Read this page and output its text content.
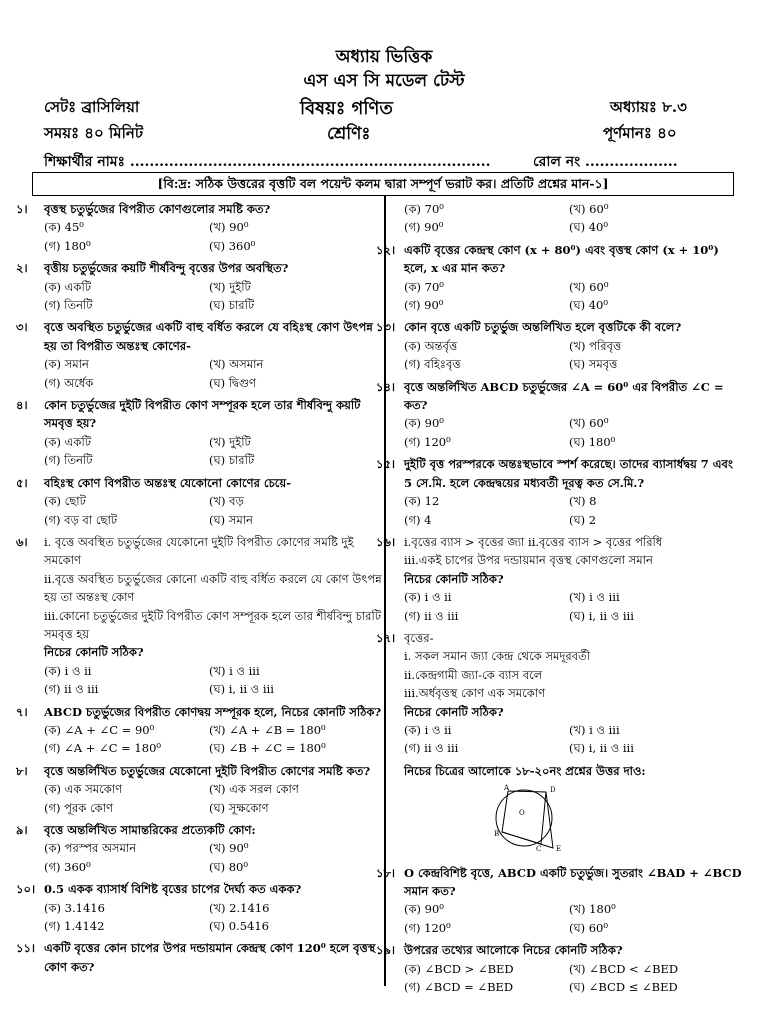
অধ্যায় ভিত্তিক
এস এস সি মডেল টেস্ট
সেটঃ ব্রাসিলিয়া	বিষয়ঃ গণিত	অধ্যায়ঃ ৮.৩
সময়ঃ ৪০ মিনিট	শ্রেণিঃ	পূর্ণমানঃ ৪০
শিক্ষার্থীর নামঃ ..........................................................................	রোল নং ...................
[বি:দ্র: সঠিক উত্তরের বৃত্তটি বল পয়েন্ট কলম দ্বারা সম্পূর্ণ ভরাট কর। প্রতিটি প্রশ্নের মান-১]
১। বৃত্তস্থ চতুর্ভুজের বিপরীত কোণগুলোর সমষ্টি কত?
(ক) 45⁰	(খ) 90⁰
(গ) 180⁰	(ঘ) 360⁰
২। বৃত্তীয় চতুর্ভুজের কয়টি শীর্ষবিন্দু বৃত্তের উপর অবস্থিত?
(ক) একটি	(খ) দুইটি
(গ) তিনটি	(ঘ) চারটি
৩। বৃত্তে অবস্থিত চতুর্ভুজের একটি বাহু বর্ধিত করলে যে বহিঃস্থ কোণ উৎপন্ন হয় তা বিপরীত অন্তঃস্থ কোণের-
(ক) সমান	(খ) অসমান
(গ) অর্ধেক	(ঘ) দ্বিগুণ
৪। কোন চতুর্ভুজের দুইটি বিপরীত কোণ সম্পূরক হলে তার শীর্ষবিন্দু কয়টি সমবৃত্ত হয়?
(ক) একটি	(খ) দুইটি
(গ) তিনটি	(ঘ) চারটি
৫। বহিঃস্থ কোণ বিপরীত অন্তঃস্থ যেকোনো কোণের চেয়ে-
(ক) ছোট	(খ) বড়
(গ) বড় বা ছোট	(ঘ) সমান
৬। i. বৃত্তে অবস্থিত চতুর্ভুজের যেকোনো দুইটি বিপরীত কোণের সমষ্টি দুই সমকোণ
ii.বৃত্তে অবস্থিত চতুর্ভুজের কোনো একটি বাহু বর্ধিত করলে যে কোণ উৎপন্ন হয় তা অন্তঃস্থ কোণ
iii.কোনো চতুর্ভুজের দুইটি বিপরীত কোণ সম্পূরক হলে তার শীর্ষবিন্দু চারটি সমবৃত্ত হয়
নিচের কোনটি সঠিক?
(ক) i ও ii	(খ) i ও iii
(গ) ii ও iii	(ঘ) i, ii ও iii
৭। ABCD চতুর্ভুজের বিপরীত কোণদ্বয় সম্পূরক হলে, নিচের কোনটি সঠিক?
(ক) ∠A + ∠C = 90⁰	(খ) ∠A + ∠B = 180⁰
(গ) ∠A + ∠C = 180⁰	(ঘ) ∠B + ∠C = 180⁰
৮। বৃত্তে অন্তর্লিখিত চতুর্ভুজের যেকোনো দুইটি বিপরীত কোণের সমষ্টি কত?
(ক) এক সমকোণ	(খ) এক সরল কোণ
(গ) পূরক কোণ	(ঘ) সূক্ষকোণ
৯। বৃত্তে অন্তর্লিখিত সামান্তরিকের প্রত্যেকটি কোণ:
(ক) পরস্পর অসমান	(খ) 90⁰
(গ) 360⁰	(ঘ) 80⁰
১০। 0.5 একক ব্যাসার্ধ বিশিষ্ট বৃত্তের চাপের দৈর্ঘ্য কত একক?
(ক) 3.1416	(খ) 2.1416
(গ) 1.4142	(ঘ) 0.5416
১১। একটি বৃত্তের কোন চাপের উপর দন্ডায়মান কেন্দ্রস্থ কোণ 120⁰ হলে বৃত্তস্থ কোণ কত?
(ক) 70⁰	(খ) 60⁰
(গ) 90⁰	(ঘ) 40⁰
১২। একটি বৃত্তের কেন্দ্রস্থ কোণ (x + 80⁰) এবং বৃত্তস্থ কোণ (x + 10⁰) হলে, x এর মান কত?
(ক) 70⁰	(খ) 60⁰
(গ) 90⁰	(ঘ) 40⁰
১৩। কোন বৃত্তে একটি চতুর্ভুজ অন্তর্লিখিত হলে বৃত্তটিকে কী বলে?
(ক) অন্তর্বৃত্ত	(খ) পরিবৃত্ত
(গ) বহিঃবৃত্ত	(ঘ) সমবৃত্ত
১৪। বৃত্তে অন্তর্লিখিত ABCD চতুর্ভুজের ∠A = 60⁰ এর বিপরীত ∠C = কত?
(ক) 90⁰	(খ) 60⁰
(গ) 120⁰	(ঘ) 180⁰
১৫। দুইটি বৃত্ত পরস্পরকে অন্তঃস্থভাবে স্পর্শ করেছে। তাদের ব্যাসার্ধদ্বয় 7 এবং 5 সে.মি. হলে কেন্দ্রদ্বয়ের মধ্যবর্তী দূরত্ব কত সে.মি.?
(ক) 12	(খ) 8
(গ) 4	(ঘ) 2
১৬। i.বৃত্তের ব্যাস > বৃত্তের জ্যা ii.বৃত্তের ব্যাস > বৃত্তের পরিধি
iii.একই চাপের উপর দন্ডায়মান বৃত্তস্থ কোণগুলো সমান
নিচের কোনটি সঠিক?
(ক) i ও ii	(খ) i ও iii
(গ) ii ও iii	(ঘ) i, ii ও iii
১৭। বৃত্তের-
i. সকল সমান জ্যা কেন্দ্র থেকে সমদূরবর্তী
ii.কেন্দ্রগামী জ্যা-কে ব্যাস বলে
iii.অর্ধবৃত্তস্থ কোণ এক সমকোণ
নিচের কোনটি সঠিক?
(ক) i ও ii	(খ) i ও iii
(গ) ii ও iii	(ঘ) i, ii ও iii
নিচের চিত্রের আলোকে ১৮-২০নং প্রশ্নের উত্তর দাও:
A	D
O
B
C E
১৮। O কেন্দ্রবিশিষ্ট বৃত্তে, ABCD একটি চতুর্ভুজ। সুতরাং ∠BAD + ∠BCD সমান কত?
(ক) 90⁰	(খ) 180⁰
(গ) 120⁰	(ঘ) 60⁰
১৯। উপরের তথ্যের আলোকে নিচের কোনটি সঠিক?
(ক) ∠BCD > ∠BED	(খ) ∠BCD < ∠BED
(গ) ∠BCD = ∠BED	(ঘ) ∠BCD ≤ ∠BED
